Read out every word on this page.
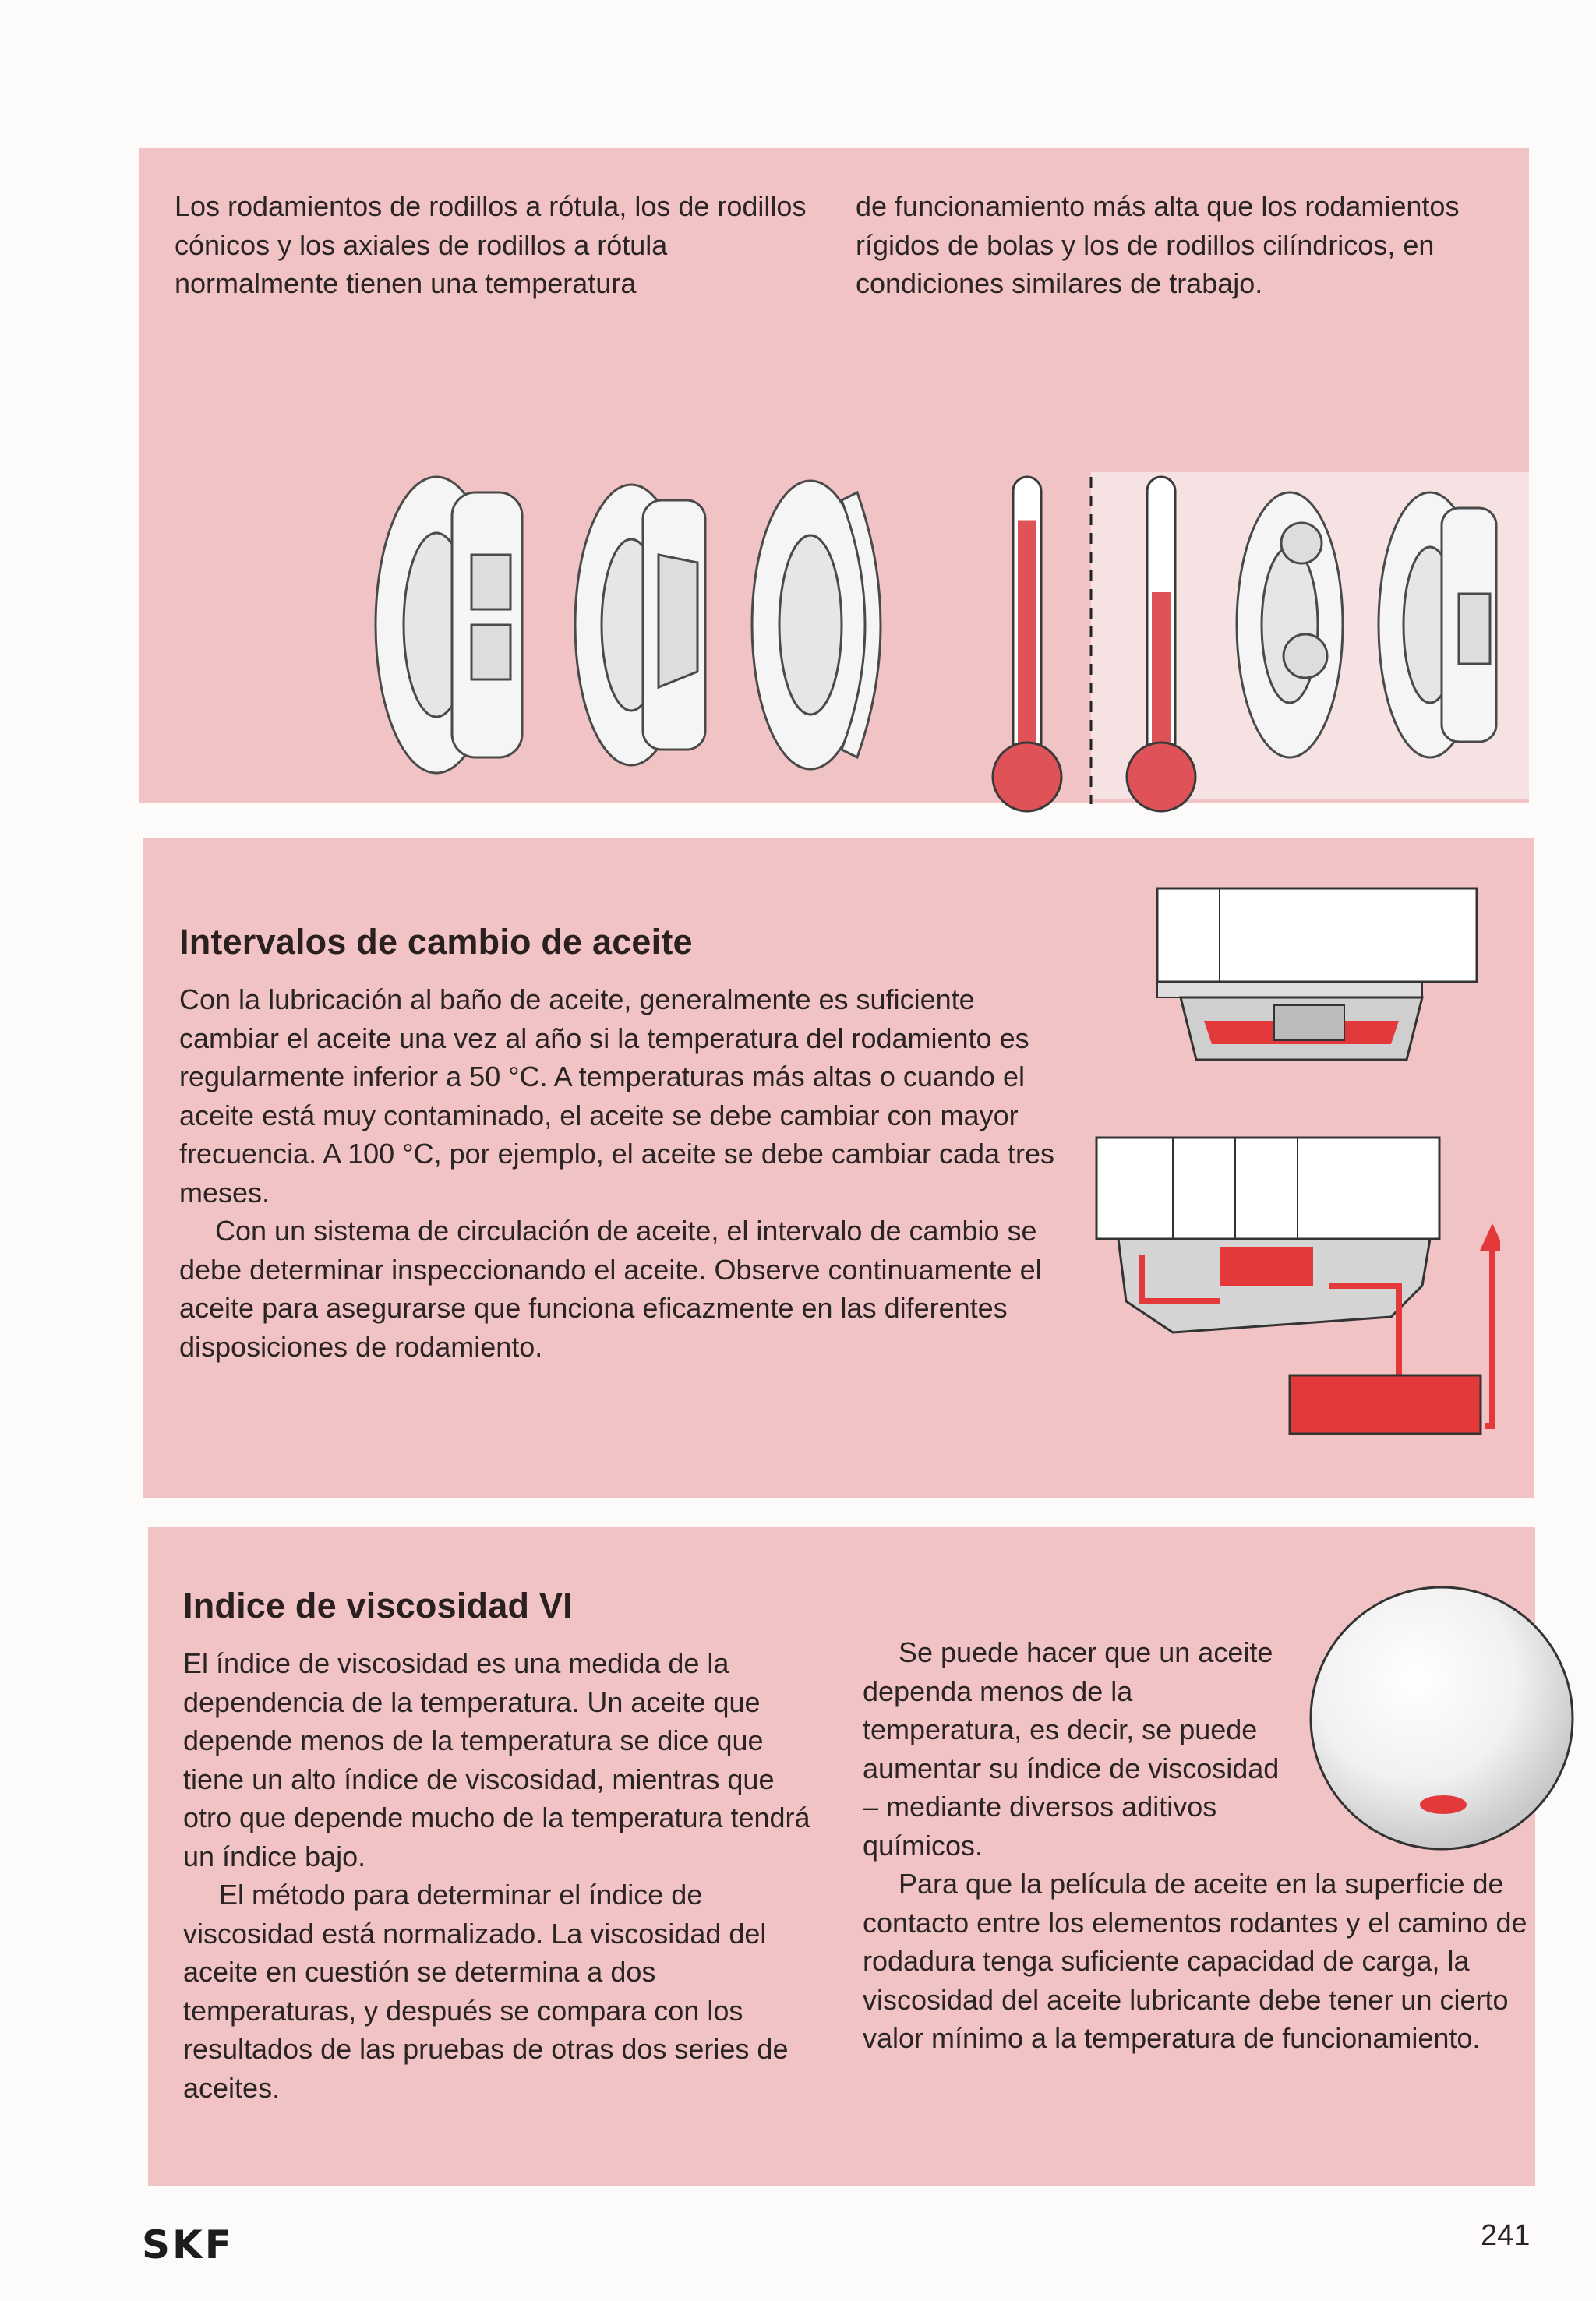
Los rodamientos de rodillos a rótula, los de rodillos cónicos y los axiales de rodillos a rótula normalmente tienen una temperatura
de funcionamiento más alta que los rodamientos rígidos de bolas y los de rodillos cilíndricos, en condiciones similares de trabajo.
Intervalos de cambio de aceite

Con la lubricación al baño de aceite, generalmente es suficiente cambiar el aceite una vez al año si la temperatura del rodamiento es regularmente inferior a 50 °C. A temperaturas más altas o cuando el aceite está muy contaminado, el aceite se debe cambiar con mayor frecuencia. A 100 °C, por ejemplo, el aceite se debe cambiar cada tres meses.

Con un sistema de circulación de aceite, el intervalo de cambio se debe determinar inspeccionando el aceite. Observe continuamente el aceite para asegurarse que funciona eficazmente en las diferentes disposiciones de rodamiento.

Indice de viscosidad VI

El índice de viscosidad es una medida de la dependencia de la temperatura. Un aceite que depende menos de la temperatura se dice que tiene un alto índice de viscosidad, mientras que otro que depende mucho de la temperatura tendrá un índice bajo.

El método para determinar el índice de viscosidad está normalizado. La viscosidad del aceite en cuestión se determina a dos temperaturas, y después se compara con los resultados de las pruebas de otras dos series de aceites.

Se puede hacer que un aceite dependa menos de la temperatura, es decir, se puede aumentar su índice de viscosidad – mediante diversos aditivos químicos.

Para que la película de aceite en la superficie de contacto entre los elementos rodantes y el camino de rodadura tenga suficiente capacidad de carga, la viscosidad del aceite lubricante debe tener un cierto valor mínimo a la temperatura de funcionamiento.

SKF	241
